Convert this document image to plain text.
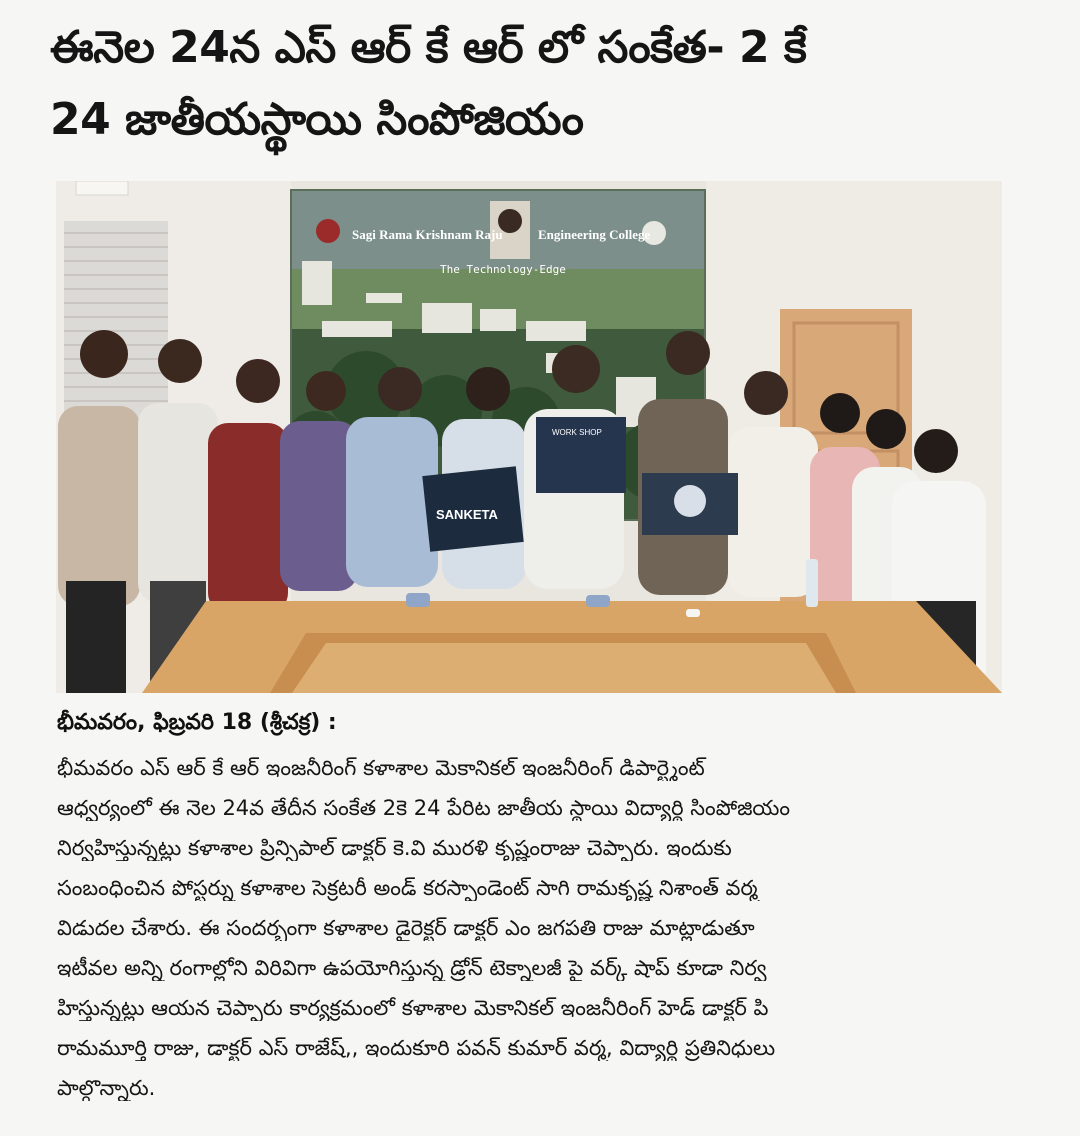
ఈనెల 24న ఎస్ ఆర్ కే ఆర్ లో సంకేత- 2 కే
24 జాతీయస్థాయి సింపోజియం
Sagi Rama Krishnam Raju	Engineering College
The Technology-Edge
SANKETA
WORK SHOP

భీమవరం, ఫిబ్రవరి 18 (శ్రీచక్ర) :

భీమవరం ఎస్ ఆర్ కే ఆర్ ఇంజనీరింగ్ కళాశాల మెకానికల్ ఇంజనీరింగ్ డిపార్ట్మెంట్

ఆధ్వర్యంలో ఈ నెల 24వ తేదీన సంకేత 2కె 24 పేరిట జాతీయ స్థాయి విద్యార్థి సింపోజియం

నిర్వహిస్తున్నట్లు కళాశాల ప్రిన్సిపాల్ డాక్టర్ కె.వి మురళి కృష్ణంరాజు చెప్పారు. ఇందుకు

సంబంధించిన పోస్టర్ను కళాశాల సెక్రటరీ అండ్ కరస్పాండెంట్ సాగి రామకృష్ణ నిశాంత్ వర్మ

విడుదల చేశారు. ఈ సందర్భంగా కళాశాల డైరెక్టర్ డాక్టర్ ఎం జగపతి రాజు మాట్లాడుతూ

ఇటీవల అన్ని రంగాల్లోని విరివిగా ఉపయోగిస్తున్న డ్రోన్ టెక్నాలజీ పై వర్క్ షాప్ కూడా నిర్వ

హిస్తున్నట్లు ఆయన చెప్పారు కార్యక్రమంలో కళాశాల మెకానికల్ ఇంజనీరింగ్ హెడ్ డాక్టర్ పి

రామమూర్తి రాజు, డాక్టర్ ఎస్ రాజేష్,, ఇందుకూరి పవన్ కుమార్ వర్మ, విద్యార్థి ప్రతినిధులు

పాల్గొన్నారు.
